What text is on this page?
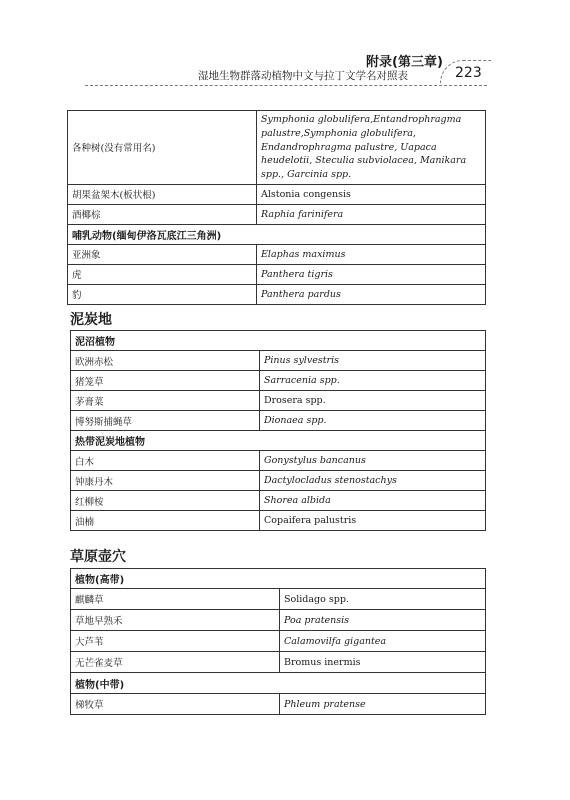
附录(第三章)
湿地生物群落动植物中文与拉丁文学名对照表	223
各种树(没有常用名)	Symphonia globulifera,Entandrophragma palustre,Symphonia globulifera, Endandrophragma palustre, Uapaca heudelotii, Steculia subviolacea, Manikara spp., Garcinia spp.
胡果盆架木(板状根)	Alstonia congensis
酒椰棕	Raphia farinifera
哺乳动物(缅甸伊洛瓦底江三角洲)	
亚洲象	Elaphas maximus
虎	Panthera tigris
豹	Panthera pardus
泥炭地
泥沼植物	
欧洲赤松	Pinus sylvestris
猪笼草	Sarracenia spp.
茅膏菜	Drosera spp.
博努斯捕蝇草	Dionaea spp.
热带泥炭地植物	
白木	Gonystylus bancanus
钟康丹木	Dactylocladus stenostachys
红柳桉	Shorea albida
油楠	Copaifera palustris
草原壶穴
植物(高带)	
麒麟草	Solidago spp.
草地早熟禾	Poa pratensis
大芦苇	Calamovilfa gigantea
无芒雀麦草	Bromus inermis
植物(中带)	
梯牧草	Phleum pratense
